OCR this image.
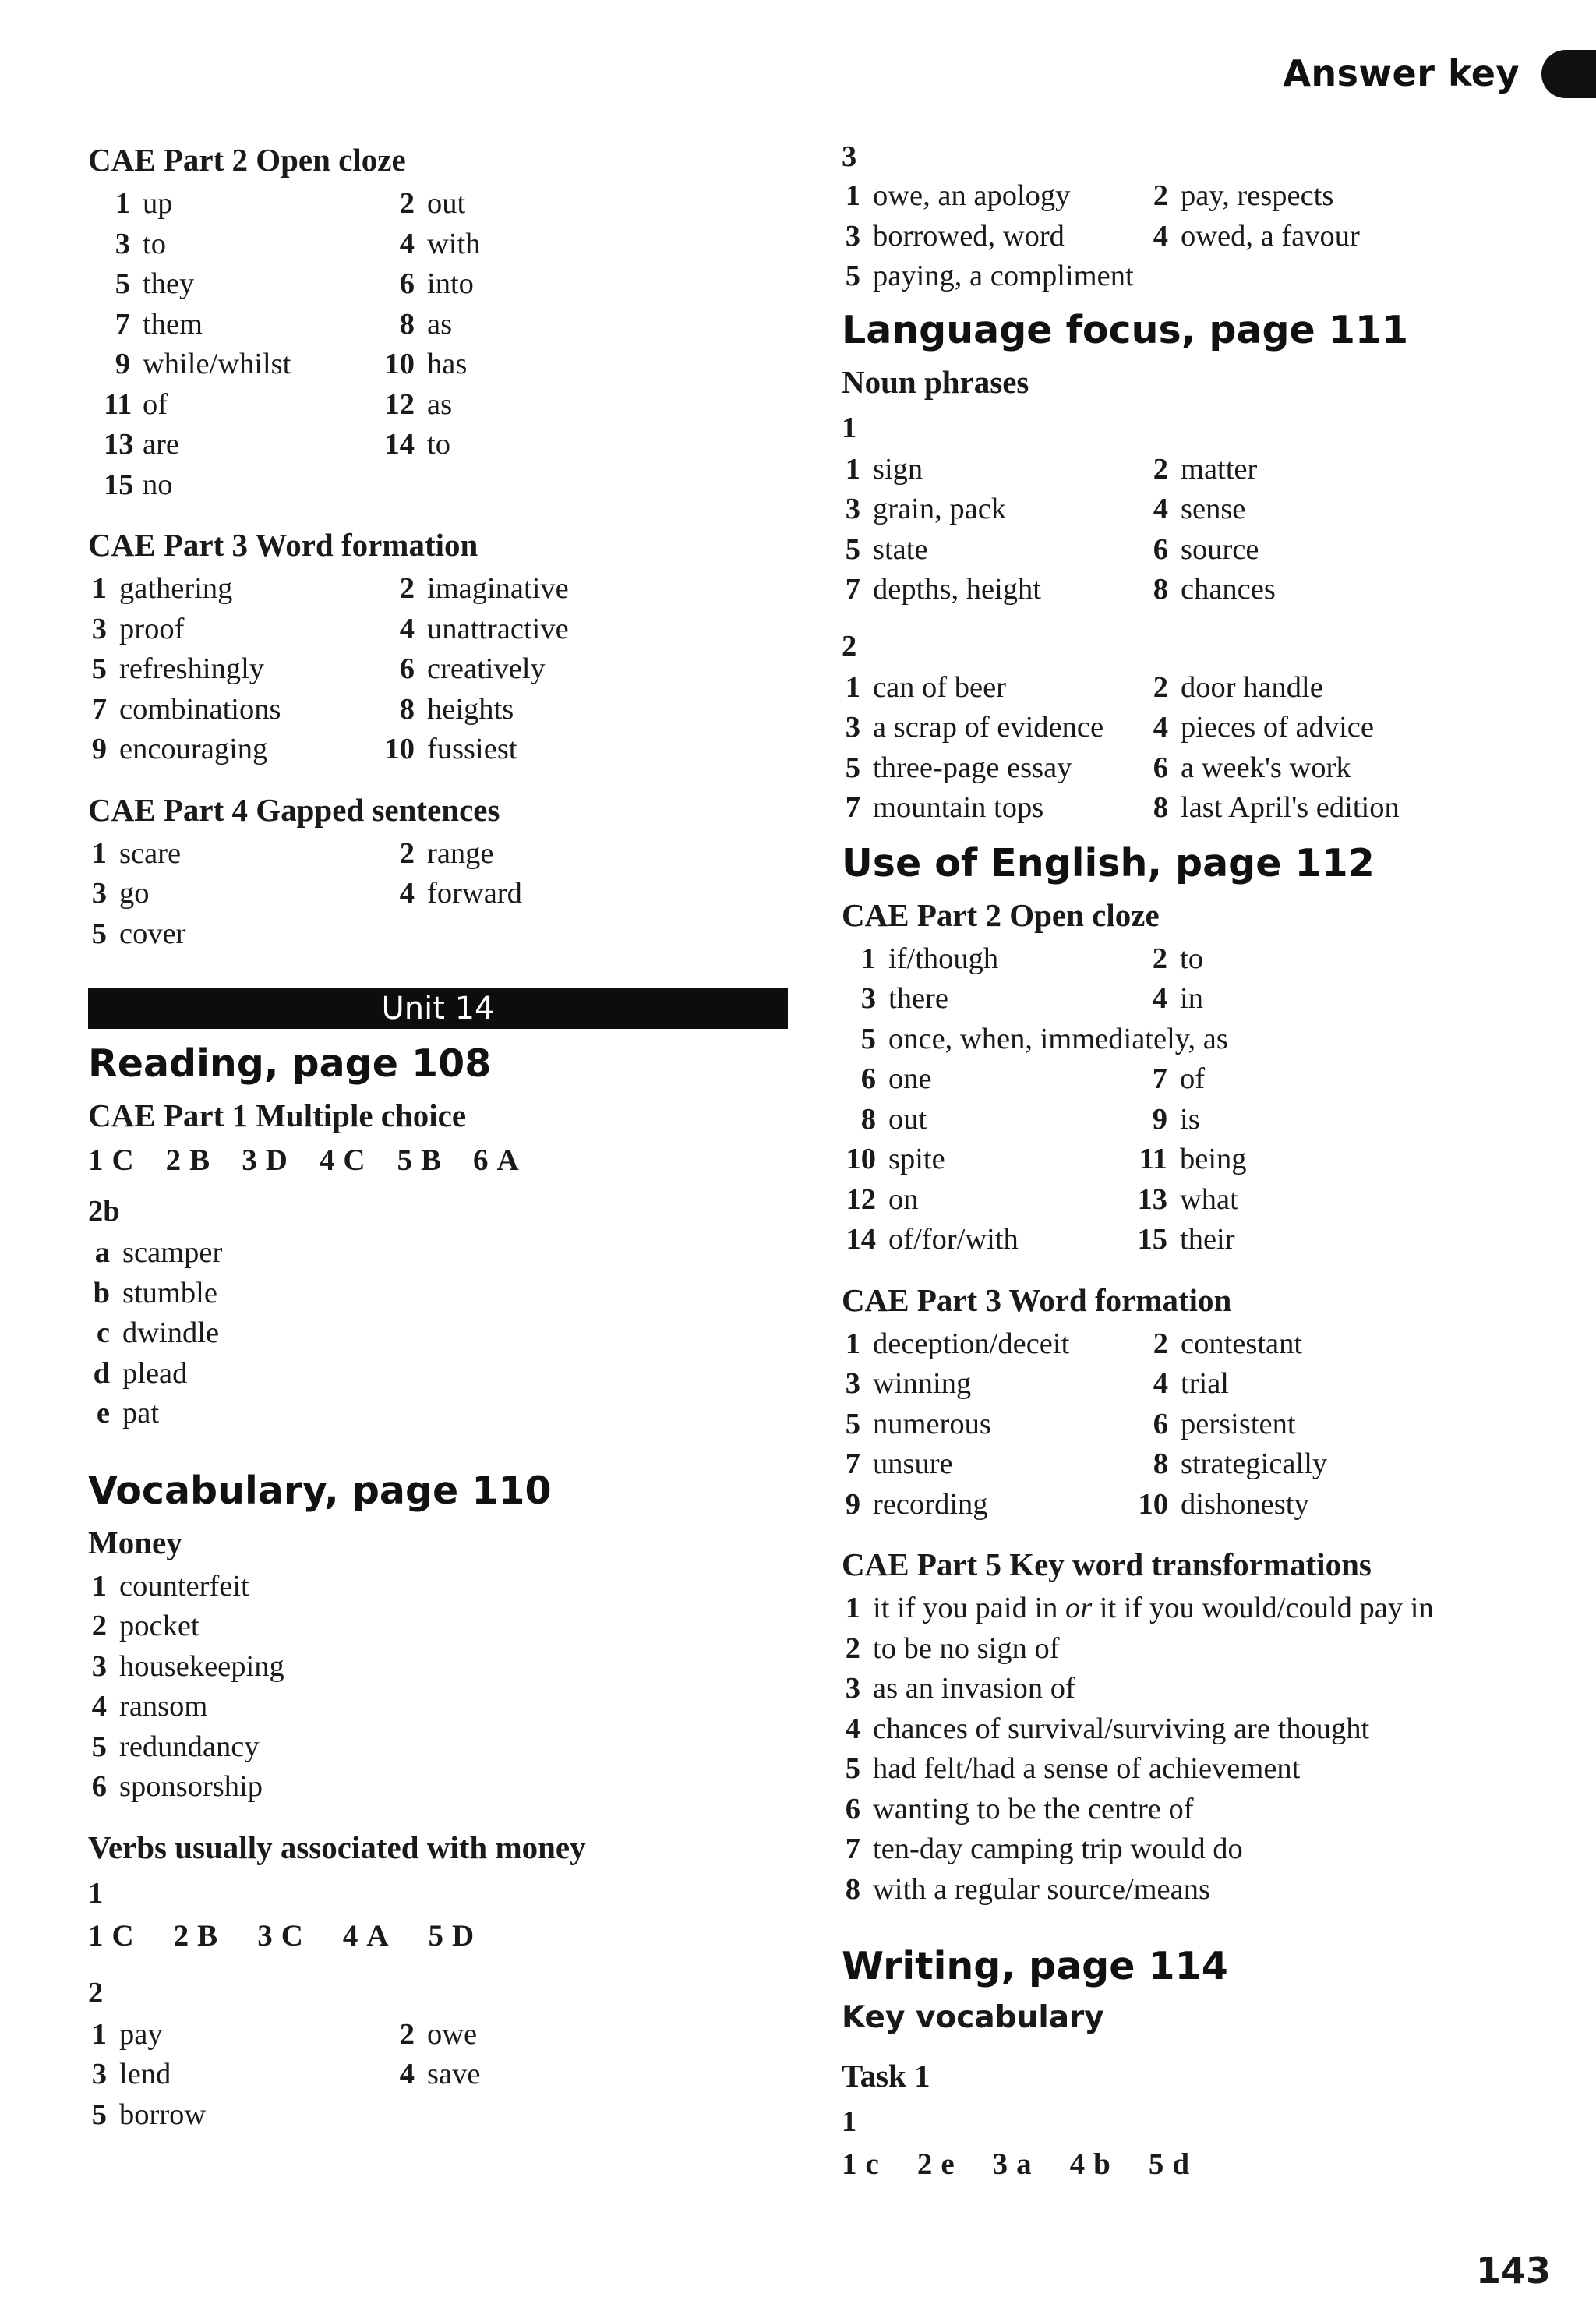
Answer key
CAE Part 2 Open cloze
1 up	2 out
3 to	4 with
5 they	6 into
7 them	8 as
9 while/whilst	10 has
11 of	12 as
13 are	14 to
15 no
CAE Part 3 Word formation
1 gathering	2 imaginative
3 proof	4 unattractive
5 refreshingly	6 creatively
7 combinations	8 heights
9 encouraging	10 fussiest
CAE Part 4 Gapped sentences
1 scare	2 range
3 go	4 forward
5 cover
Unit 14
Reading, page 108
CAE Part 1 Multiple choice
1 C 2 B 3 D 4 C 5 B 6 A
2b
a scamper
b stumble
c dwindle
d plead
e pat
Vocabulary, page 110
Money
1 counterfeit
2 pocket
3 housekeeping
4 ransom
5 redundancy
6 sponsorship
Verbs usually associated with money
1
1 C 2 B 3 C 4 A 5 D
2
1 pay	2 owe
3 lend	4 save
5 borrow
3
1 owe, an apology	2 pay, respects
3 borrowed, word	4 owed, a favour
5 paying, a compliment
Language focus, page 111
Noun phrases
1
1 sign	2 matter
3 grain, pack	4 sense
5 state	6 source
7 depths, height	8 chances
2
1 can of beer	2 door handle
3 a scrap of evidence 4 pieces of advice
5 three-page essay	6 a week's work
7 mountain tops	8 last April's edition
Use of English, page 112
CAE Part 2 Open cloze
1 if/though	2 to
3 there	4 in
5 once, when, immediately, as
6 one	7 of
8 out	9 is
10 spite	11 being
12 on	13 what
14 of/for/with	15 their
CAE Part 3 Word formation
1 deception/deceit	2 contestant
3 winning	4 trial
5 numerous	6 persistent
7 unsure	8 strategically
9 recording	10 dishonesty
CAE Part 5 Key word transformations
1 it if you paid in or it if you would/could pay in
2 to be no sign of
3 as an invasion of
4 chances of survival/surviving are thought
5 had felt/had a sense of achievement
6 wanting to be the centre of
7 ten-day camping trip would do
8 with a regular source/means
Writing, page 114
Key vocabulary
Task 1
1
1 c 2 e 3 a 4 b 5 d
143
